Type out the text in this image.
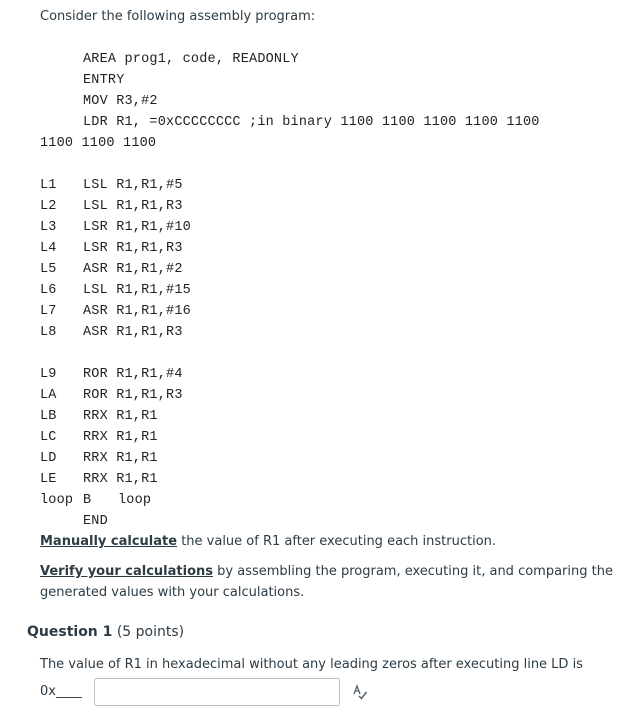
Consider the following assembly program:
AREA prog1, code, READONLY
ENTRY
MOV R3,#2
LDR R1, =0xCCCCCCCC ;in binary 1100 1100 1100 1100 1100
1100 1100 1100
L1 LSL R1,R1,#5
L2 LSL R1,R1,R3
L3 LSR R1,R1,#10
L4 LSR R1,R1,R3
L5 ASR R1,R1,#2
L6 LSL R1,R1,#15
L7 ASR R1,R1,#16
L8 ASR R1,R1,R3
L9 ROR R1,R1,#4
LA ROR R1,R1,R3
LB RRX R1,R1
LC RRX R1,R1
LD RRX R1,R1
LE RRX R1,R1
loop B loop
END
Manually calculate the value of R1 after executing each instruction.
Verify your calculations by assembling the program, executing it, and comparing the
generated values with your calculations.
Question 1 (5 points)
The value of R1 in hexadecimal without any leading zeros after executing line LD is
0x____
